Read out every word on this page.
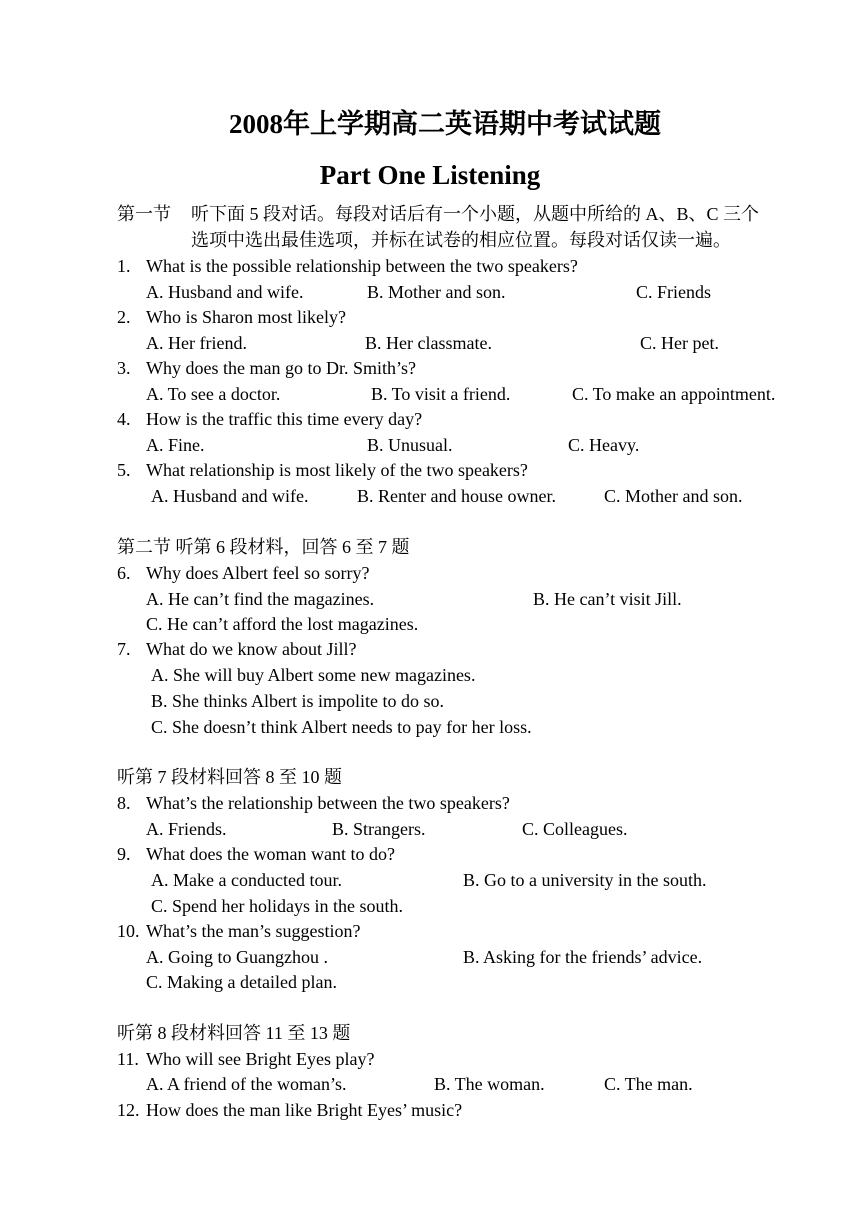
2008年上学期高二英语期中考试试题
Part One Listening
第一节 听下面 5 段对话。每段对话后有一个小题，从题中所给的 A、B、C 三个
选项中选出最佳选项，并标在试卷的相应位置。每段对话仅读一遍。
1. What is the possible relationship between the two speakers?
A. Husband and wife.	B. Mother and son.	C. Friends
2. Who is Sharon most likely?
A. Her friend.	B. Her classmate.	C. Her pet.
3. Why does the man go to Dr. Smith’s?
A. To see a doctor.	B. To visit a friend.	C. To make an appointment.
4. How is the traffic this time every day?
A. Fine.	B. Unusual.	C. Heavy.
5. What relationship is most likely of the two speakers?
A. Husband and wife.	B. Renter and house owner.	C. Mother and son.
第二节 听第 6 段材料，回答 6 至 7 题
6. Why does Albert feel so sorry?
A. He can’t find the magazines.	B. He can’t visit Jill.
C. He can’t afford the lost magazines.
7. What do we know about Jill?
A. She will buy Albert some new magazines.
B. She thinks Albert is impolite to do so.
C. She doesn’t think Albert needs to pay for her loss.
听第 7 段材料回答 8 至 10 题
8. What’s the relationship between the two speakers?
A. Friends.	B. Strangers.	C. Colleagues.
9. What does the woman want to do?
A. Make a conducted tour.	B. Go to a university in the south.
C. Spend her holidays in the south.
10. What’s the man’s suggestion?
A. Going to Guangzhou .	B. Asking for the friends’ advice.
C. Making a detailed plan.
听第 8 段材料回答 11 至 13 题
11. Who will see Bright Eyes play?
A. A friend of the woman’s.	B. The woman.	C. The man.
12. How does the man like Bright Eyes’ music?
